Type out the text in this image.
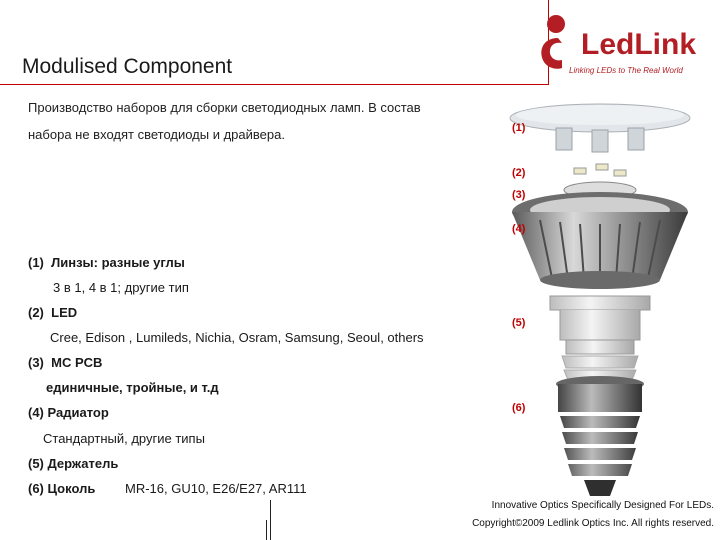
Modulised Component
LedLink
Linking LEDs to The Real World
Производство наборов для сборки светодиодных ламп. В состав
набора не входят светодиоды и драйвера.	(1)
(2)
(3)
(4)
(5)
(6)
(1) Линзы: разные углы
3 в 1, 4 в 1; другие тип
(2) LED
Cree, Edison , Lumileds, Nichia, Osram, Samsung, Seoul, others
(3) MC PCB
единичные, тройные, и т.д
(4) Радиатор
Стандартный, другие типы
(5) Держатель
(6) Цоколь MR-16, GU10, E26/E27, AR111
Innovative Optics Specifically Designed For LEDs.
Copyright©2009 Ledlink Optics Inc. All rights reserved.
